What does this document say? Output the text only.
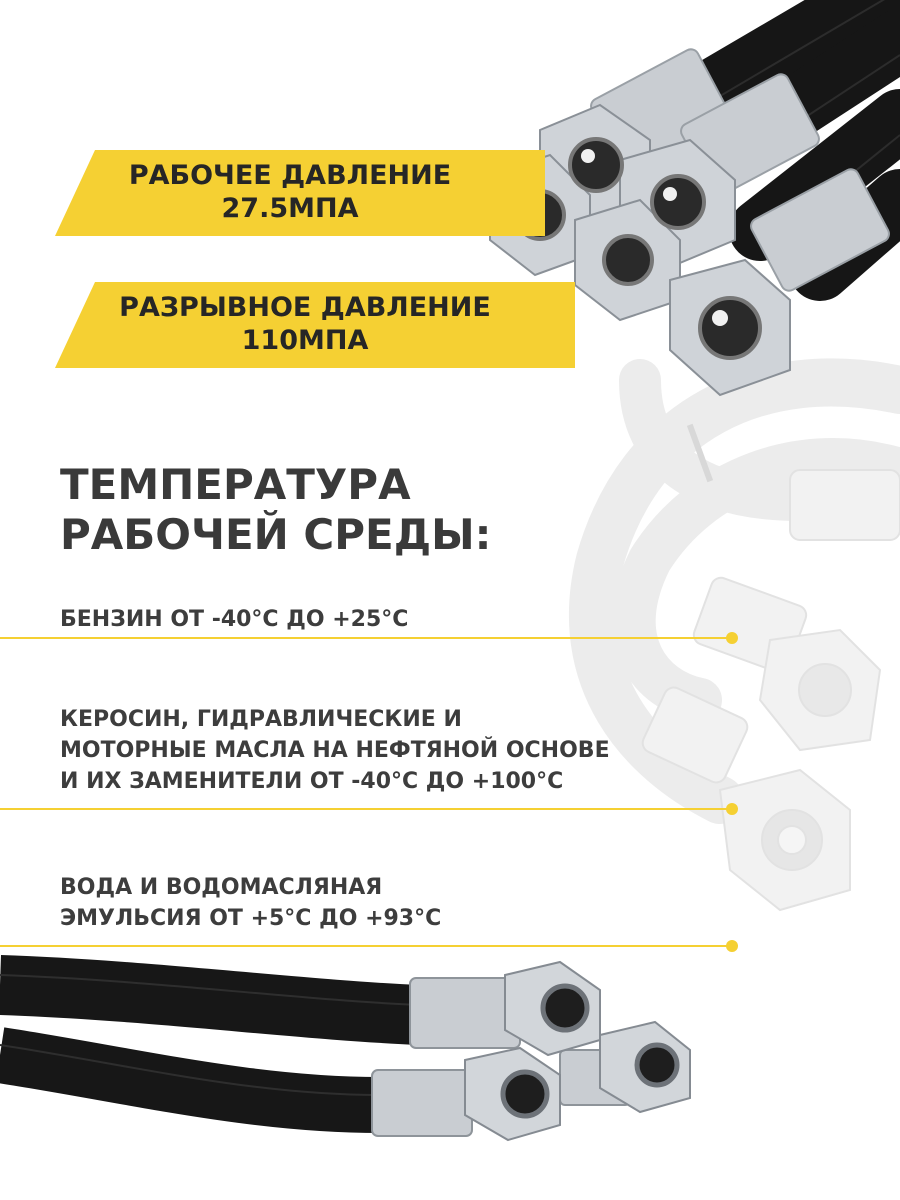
РАБОЧЕЕ ДАВЛЕНИЕ
27.5МПА
РАЗРЫВНОЕ ДАВЛЕНИЕ
110МПА
ТЕМПЕРАТУРА
РАБОЧЕЙ СРЕДЫ:
БЕНЗИН ОТ -40°С ДО +25°С
КЕРОСИН, ГИДРАВЛИЧЕСКИЕ И
МОТОРНЫЕ МАСЛА НА НЕФТЯНОЙ ОСНОВЕ
И ИХ ЗАМЕНИТЕЛИ ОТ -40°С ДО +100°С
ВОДА И ВОДОМАСЛЯНАЯ
ЭМУЛЬСИЯ ОТ +5°С ДО +93°С
